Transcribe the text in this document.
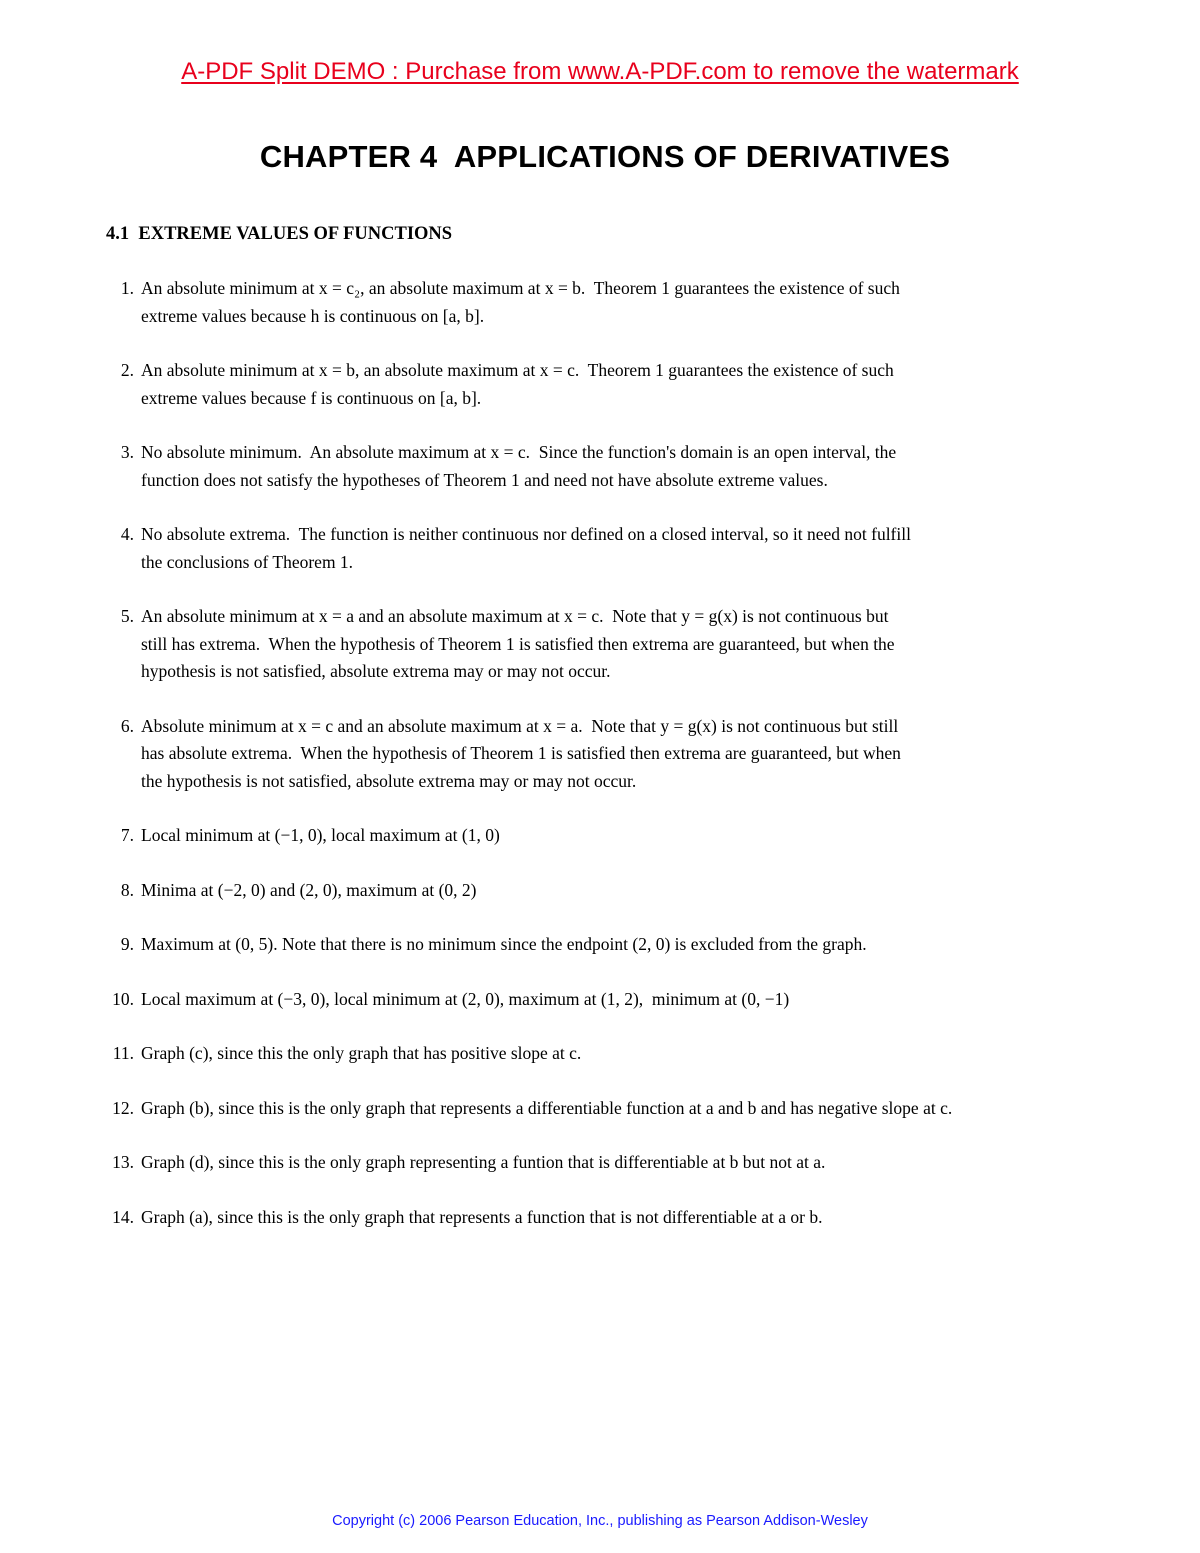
A-PDF Split DEMO : Purchase from www.A-PDF.com to remove the watermark
CHAPTER 4  APPLICATIONS OF DERIVATIVES
4.1  EXTREME VALUES OF FUNCTIONS
1. An absolute minimum at x = c₂, an absolute maximum at x = b.  Theorem 1 guarantees the existence of such
extreme values because h is continuous on [a, b].
2. An absolute minimum at x = b, an absolute maximum at x = c.  Theorem 1 guarantees the existence of such
extreme values because f is continuous on [a, b].
3. No absolute minimum.  An absolute maximum at x = c.  Since the function's domain is an open interval, the
function does not satisfy the hypotheses of Theorem 1 and need not have absolute extreme values.
4. No absolute extrema.  The function is neither continuous nor defined on a closed interval, so it need not fulfill
the conclusions of Theorem 1.
5. An absolute minimum at x = a and an absolute maximum at x = c.  Note that y = g(x) is not continuous but
still has extrema.  When the hypothesis of Theorem 1 is satisfied then extrema are guaranteed, but when the
hypothesis is not satisfied, absolute extrema may or may not occur.
6. Absolute minimum at x = c and an absolute maximum at x = a.  Note that y = g(x) is not continuous but still
has absolute extrema.  When the hypothesis of Theorem 1 is satisfied then extrema are guaranteed, but when
the hypothesis is not satisfied, absolute extrema may or may not occur.
7. Local minimum at (−1, 0), local maximum at (1, 0)
8. Minima at (−2, 0) and (2, 0), maximum at (0, 2)
9. Maximum at (0, 5). Note that there is no minimum since the endpoint (2, 0) is excluded from the graph.
10. Local maximum at (−3, 0), local minimum at (2, 0), maximum at (1, 2),  minimum at (0, −1)
11. Graph (c), since this the only graph that has positive slope at c.
12. Graph (b), since this is the only graph that represents a differentiable function at a and b and has negative slope at c.
13. Graph (d), since this is the only graph representing a funtion that is differentiable at b but not at a.
14. Graph (a), since this is the only graph that represents a function that is not differentiable at a or b.
Copyright (c) 2006 Pearson Education, Inc., publishing as Pearson Addison-Wesley
